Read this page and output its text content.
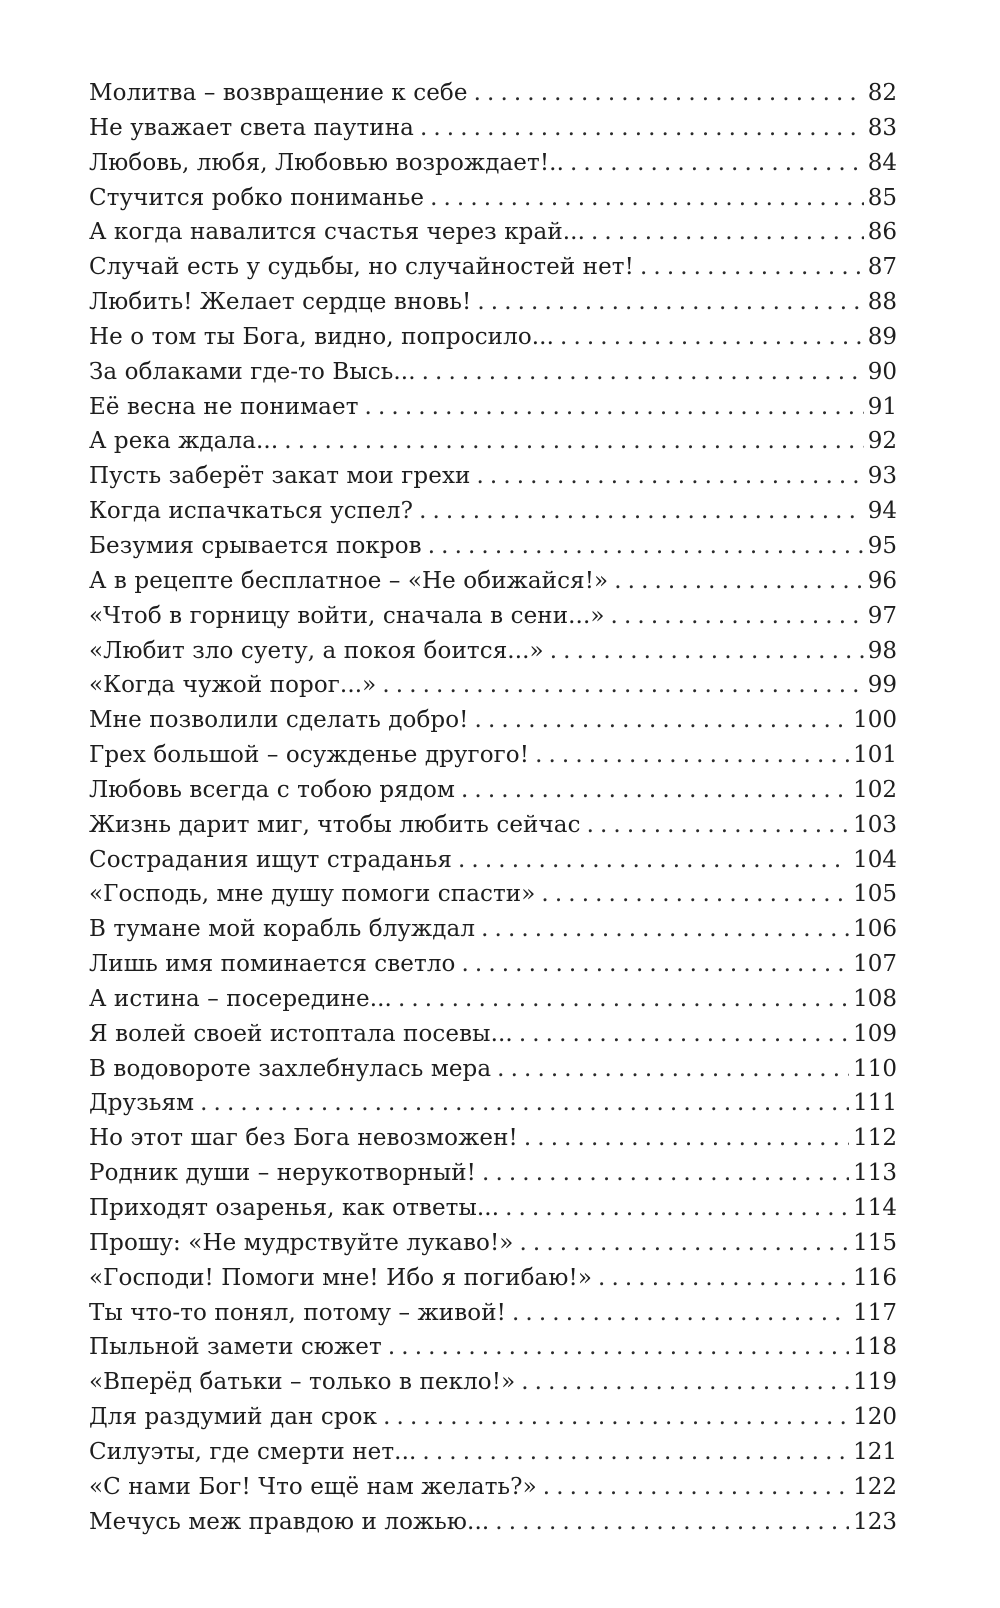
Молитва – возвращение к себе . . .	82
Не уважает света паутина . . .	83
Любовь, любя, Любовью возрождает!.. . . .	84
Стучится робко пониманье . . .	85
А когда навалится счастья через край... . . .	86
Случай есть у судьбы, но случайностей нет! . . .	87
Любить! Желает сердце вновь! . . .	88
Не о том ты Бога, видно, попросило... . . .	89
За облаками где-то Высь... . . .	90
Её весна не понимает . . .	91
А река ждала... . . .	92
Пусть заберёт закат мои грехи . . .	93
Когда испачкаться успел? . . .	94
Безумия срывается покров . . .	95
А в рецепте бесплатное – «Не обижайся!» . . .	96
«Чтоб в горницу войти, сначала в сени...» . . .	97
«Любит зло суету, а покоя боится...» . . .	98
«Когда чужой порог...» . . .	99
Мне позволили сделать добро! . . .	100
Грех большой – осужденье другого! . . .	101
Любовь всегда с тобою рядом . . .	102
Жизнь дарит миг, чтобы любить сейчас . . .	103
Сострадания ищут страданья . . .	104
«Господь, мне душу помоги спасти» . . .	105
В тумане мой корабль блуждал . . .	106
Лишь имя поминается светло . . .	107
А истина – посередине... . . .	108
Я волей своей истоптала посевы... . . .	109
В водовороте захлебнулась мера . . .	110
Друзьям . . .	111
Но этот шаг без Бога невозможен! . . .	112
Родник души – нерукотворный! . . .	113
Приходят озаренья, как ответы... . . .	114
Прошу: «Не мудрствуйте лукаво!» . . .	115
«Господи! Помоги мне! Ибо я погибаю!» . . .	116
Ты что-то понял, потому – живой! . . .	117
Пыльной замети сюжет . . .	118
«Вперёд батьки – только в пекло!» . . .	119
Для раздумий дан срок . . .	120
Силуэты, где смерти нет... . . .	121
«С нами Бог! Что ещё нам желать?» . . .	122
Мечусь меж правдою и ложью... . . .	123
